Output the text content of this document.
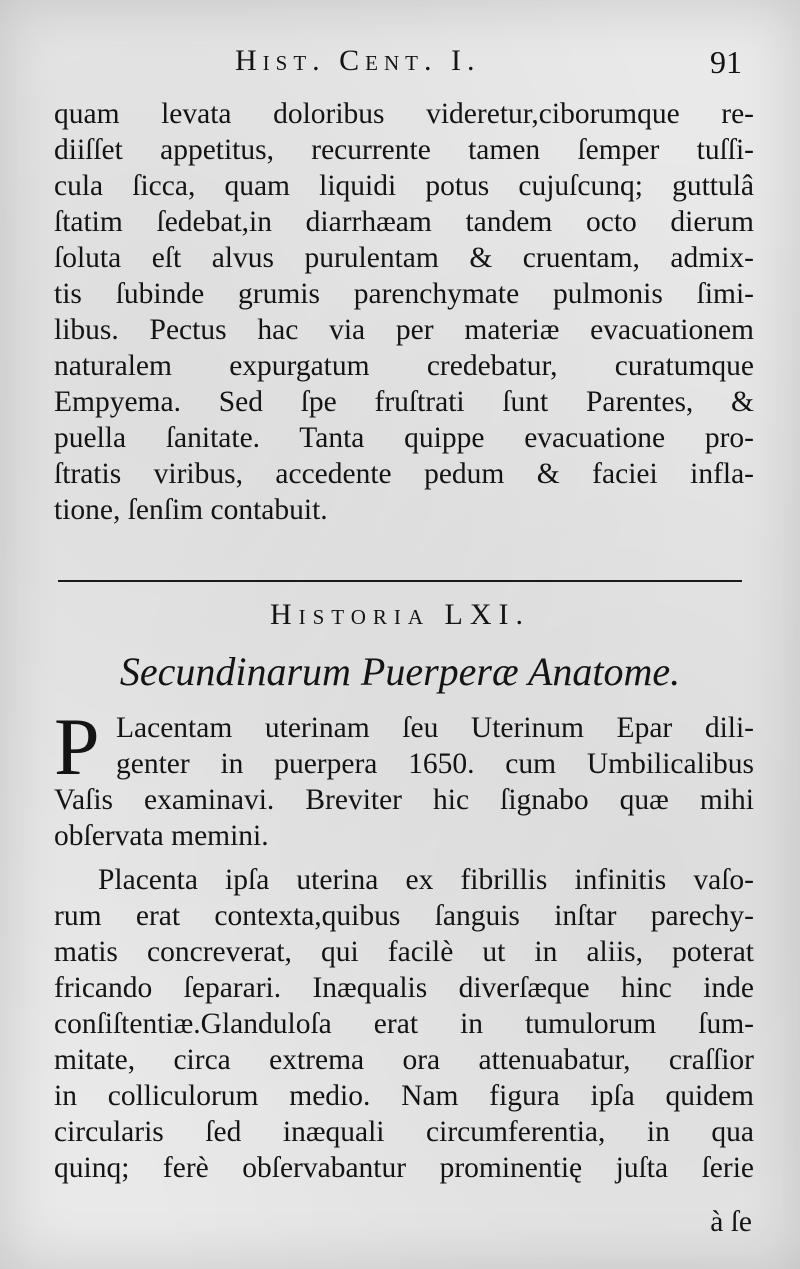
Hist. Cent. I.	91
quam levata doloribus videretur,ciborumque re-
diiſſet appetitus, recurrente tamen ſemper tuſſi-
cula ſicca, quam liquidi potus cujuſcunq; guttulâ
ſtatim ſedebat,in diarrhæam tandem octo dierum
ſoluta eſt alvus purulentam & cruentam, admix-
tis ſubinde grumis parenchymate pulmonis ſimi-
libus. Pectus hac via per materiæ evacuationem
naturalem expurgatum credebatur, curatumque
Empyema. Sed ſpe fruſtrati ſunt Parentes, &
puella ſanitate. Tanta quippe evacuatione pro-
ſtratis viribus, accedente pedum & faciei infla-
tione, ſenſim contabuit.
Historia LXI.
Secundinarum Puerperæ Anatome.
P Lacentam uterinam ſeu Uterinum Epar dili-
genter in puerpera 1650. cum Umbilicalibus
Vaſis examinavi. Breviter hic ſignabo quæ mihi
obſervata memini.
Placenta ipſa uterina ex fibrillis infinitis vaſo-
rum erat contexta,quibus ſanguis inſtar parechy-
matis concreverat, qui facilè ut in aliis, poterat
fricando ſeparari. Inæqualis diverſæque hinc inde
conſiſtentiæ.Glanduloſa erat in tumulorum ſum-
mitate, circa extrema ora attenuabatur, craſſior
in colliculorum medio. Nam figura ipſa quidem
circularis ſed inæquali circumferentia, in qua
quinq; ferè obſervabantur prominentię juſta ſerie
à ſe
